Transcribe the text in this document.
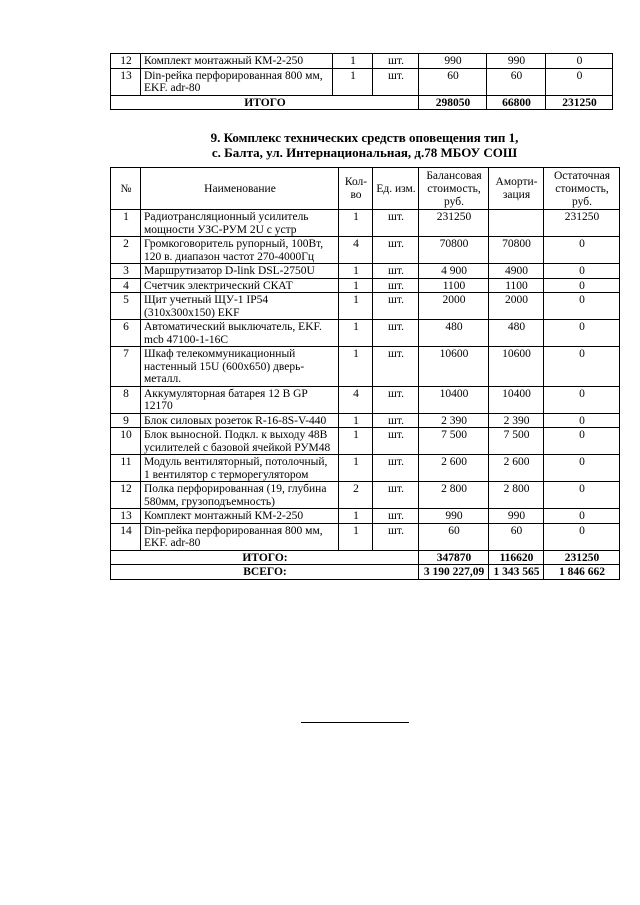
12	Комплект монтажный КМ-2-250	1	шт.	990	990	0
13	Din-рейка перфорированная 800 мм, EKF. adr-80	1	шт.	60	60	0
ИТОГО				298050	66800	231250
9. Комплекс технических средств оповещения тип 1,
с. Балта, ул. Интернациональная, д.78 МБОУ СОШ
№	Наименование	Кол-во	Ед. изм.	Балансовая стоимость, руб.	Аморти-зация	Остаточная стоимость, руб.
1	Радиотрансляционный усилитель мощности УЗС-РУМ 2U с устр	1	шт.	231250		231250
2	Громкоговоритель рупорный, 100Вт, 120 в. диапазон частот 270-4000Гц	4	шт.	70800	70800	0
3	Маршрутизатор D-link DSL-2750U	1	шт.	4 900	4900	0
4	Счетчик электрический СКАТ	1	шт.	1100	1100	0
5	Щит учетный ЩУ-1 IP54 (310x300x150) EKF	1	шт.	2000	2000	0
6	Автоматический выключатель, EKF. mcb 47100-1-16C	1	шт.	480	480	0
7	Шкаф телекоммуникационный настенный 15U (600x650) дверь-металл.	1	шт.	10600	10600	0
8	Аккумуляторная батарея 12 В GP 12170	4	шт.	10400	10400	0
9	Блок силовых розеток R-16-8S-V-440	1	шт.	2 390	2 390	0
10	Блок выносной. Подкл. к выходу 48В усилителей с базовой ячейкой РУМ48	1	шт.	7 500	7 500	0
11	Модуль вентиляторный, потолочный, 1 вентилятор с терморегулятором	1	шт.	2 600	2 600	0
12	Полка перфорированная (19, глубина 580мм, грузоподъемность)	2	шт.	2 800	2 800	0
13	Комплект монтажный КМ-2-250	1	шт.	990	990	0
14	Din-рейка перфорированная 800 мм, EKF. adr-80	1	шт.	60	60	0
ИТОГО:				347870	116620	231250
ВСЕГО:				3 190 227,09	1 343 565	1 846 662
